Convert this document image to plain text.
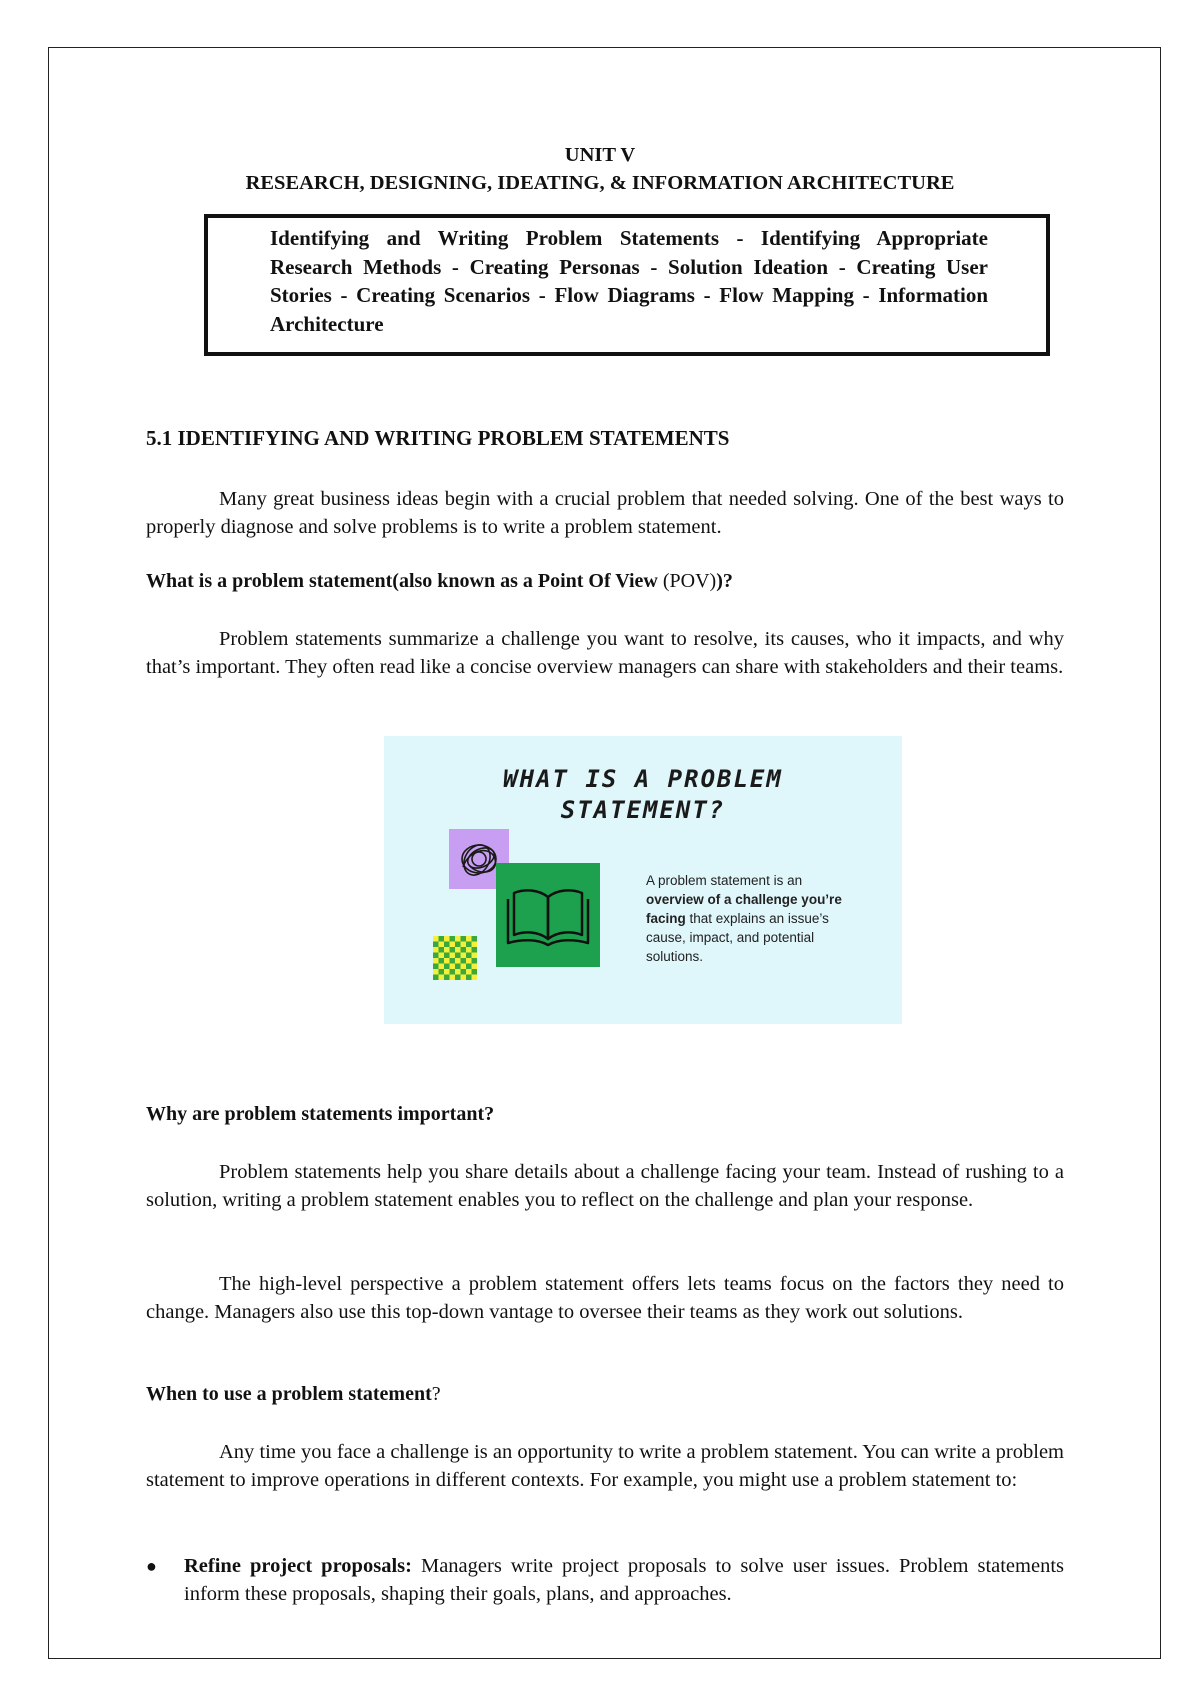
UNIT V
RESEARCH, DESIGNING, IDEATING, & INFORMATION ARCHITECTURE
Identifying and Writing Problem Statements - Identifying Appropriate Research Methods - Creating Personas - Solution Ideation - Creating User Stories - Creating Scenarios - Flow Diagrams - Flow Mapping - Information Architecture
5.1 IDENTIFYING AND WRITING PROBLEM STATEMENTS
Many great business ideas begin with a crucial problem that needed solving. One of the best ways to properly diagnose and solve problems is to write a problem statement.
What is a problem statement(also known as a Point Of View (POV))?
Problem statements summarize a challenge you want to resolve, its causes, who it impacts, and why that’s important. They often read like a concise overview managers can share with stakeholders and their teams.
WHAT IS A PROBLEM
STATEMENT?
A problem statement is an overview of a challenge you’re facing that explains an issue’s cause, impact, and potential solutions.
Why are problem statements important?
Problem statements help you share details about a challenge facing your team. Instead of rushing to a solution, writing a problem statement enables you to reflect on the challenge and plan your response.
The high-level perspective a problem statement offers lets teams focus on the factors they need to change. Managers also use this top-down vantage to oversee their teams as they work out solutions.
When to use a problem statement?
Any time you face a challenge is an opportunity to write a problem statement. You can write a problem statement to improve operations in different contexts. For example, you might use a problem statement to:
● Refine project proposals: Managers write project proposals to solve user issues. Problem statements inform these proposals, shaping their goals, plans, and approaches.
